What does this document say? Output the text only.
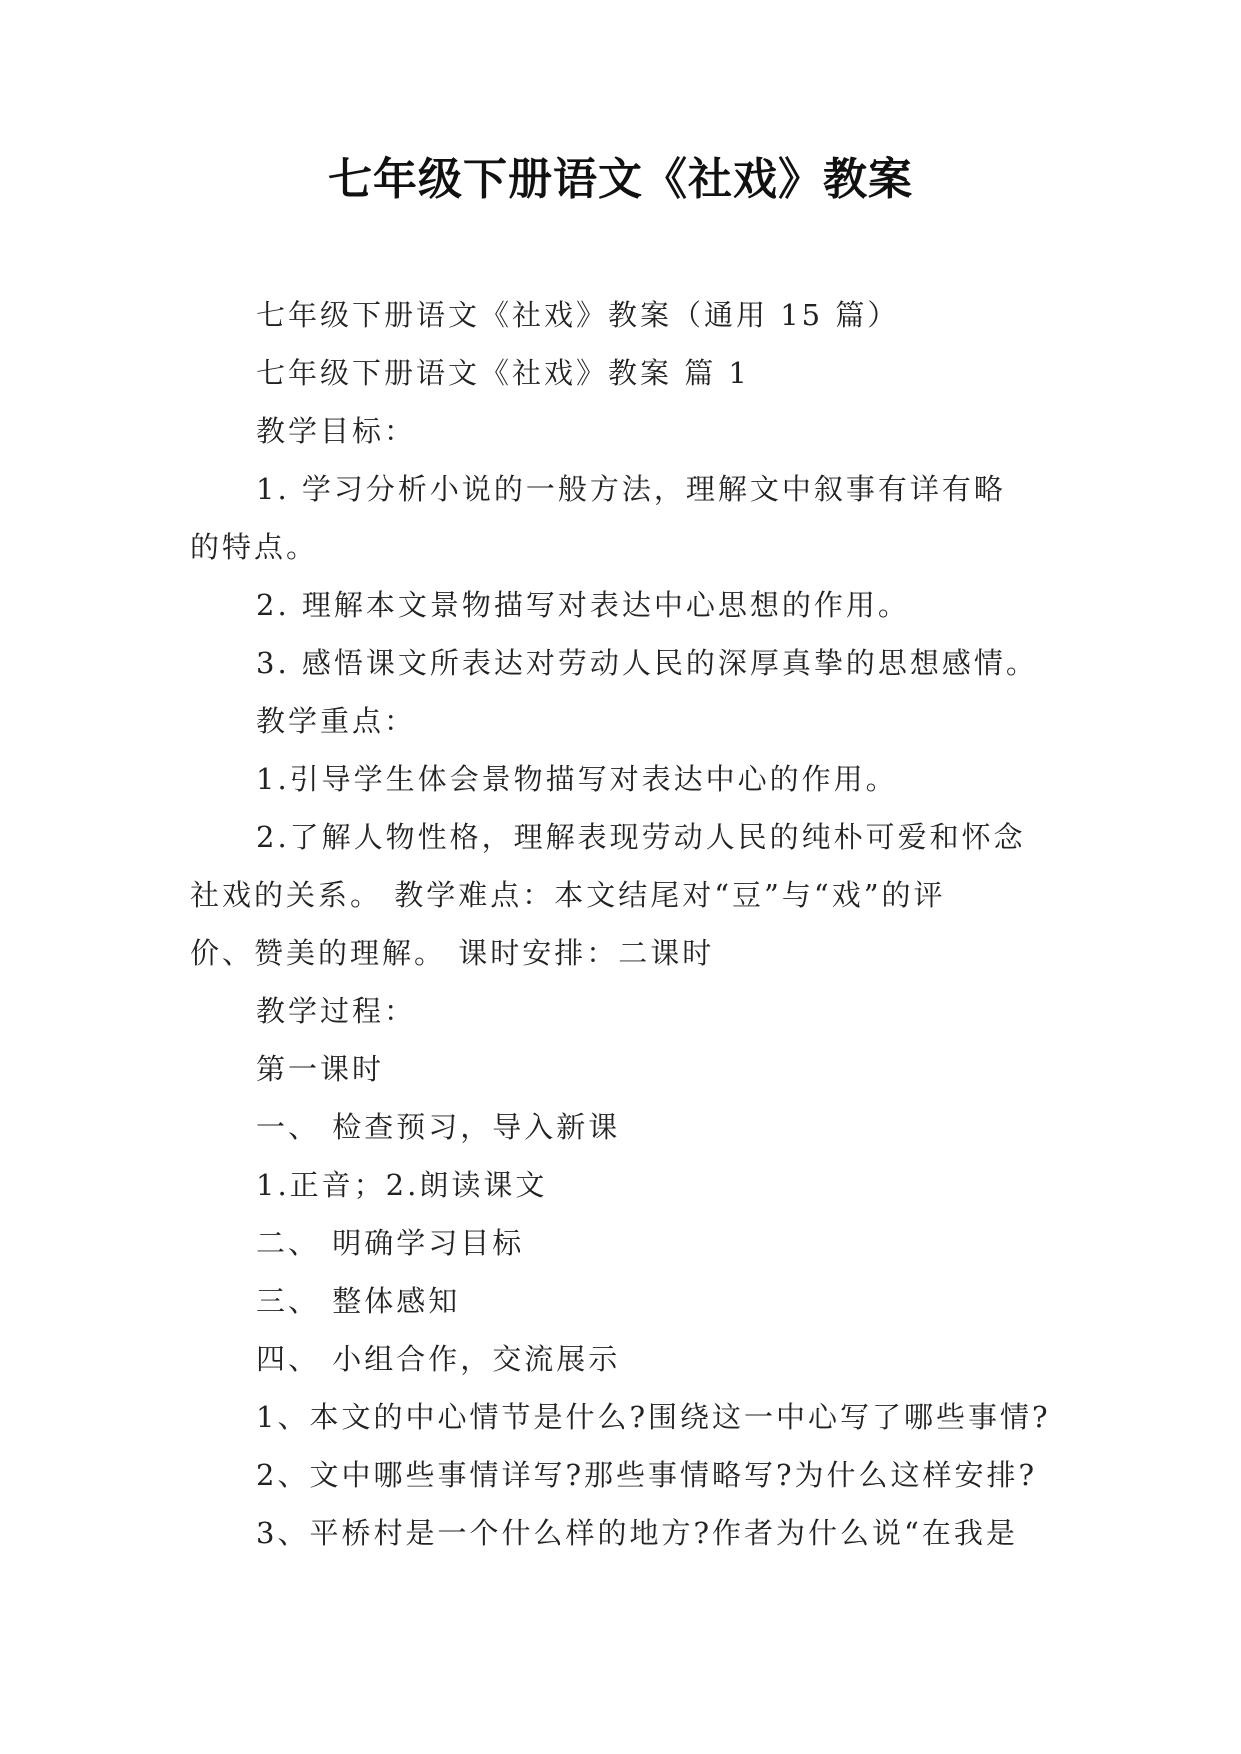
七年级下册语文《社戏》教案

七年级下册语文《社戏》教案（通用 15 篇）

七年级下册语文《社戏》教案 篇 1

教学目标：

1. 学习分析小说的一般方法，理解文中叙事有详有略

的特点。

2. 理解本文景物描写对表达中心思想的作用。

3. 感悟课文所表达对劳动人民的深厚真挚的思想感情。

教学重点：

1.引导学生体会景物描写对表达中心的作用。

2.了解人物性格，理解表现劳动人民的纯朴可爱和怀念

社戏的关系。 教学难点：本文结尾对“豆”与“戏”的评

价、赞美的理解。 课时安排：二课时

教学过程：

第一课时

一、 检查预习，导入新课

1.正音；2.朗读课文

二、 明确学习目标

三、 整体感知

四、 小组合作，交流展示

1、本文的中心情节是什么?围绕这一中心写了哪些事情?

2、文中哪些事情详写?那些事情略写?为什么这样安排?

3、平桥村是一个什么样的地方?作者为什么说“在我是
